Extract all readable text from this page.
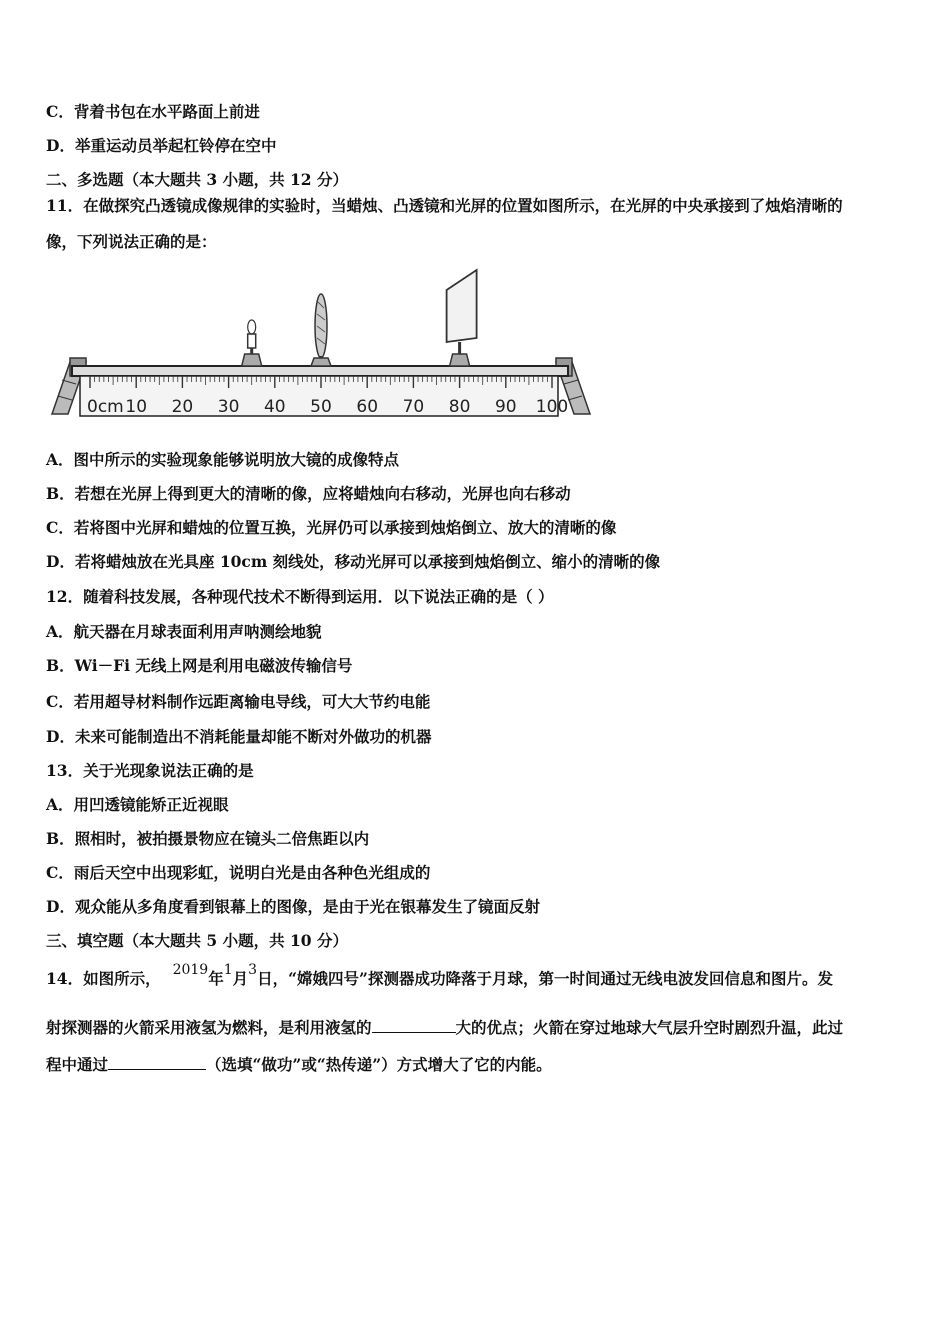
C．背着书包在水平路面上前进
D．举重运动员举起杠铃停在空中
二、多选题（本大题共 3 小题，共 12 分）
11．在做探究凸透镜成像规律的实验时，当蜡烛、凸透镜和光屏的位置如图所示，在光屏的中央承接到了烛焰清晰的
像，下列说法正确的是：
0cm 10 20 30 40 50 60 70 80 90 100
A．图中所示的实验现象能够说明放大镜的成像特点
B．若想在光屏上得到更大的清晰的像，应将蜡烛向右移动，光屏也向右移动
C．若将图中光屏和蜡烛的位置互换，光屏仍可以承接到烛焰倒立、放大的清晰的像
D．若将蜡烛放在光具座 10cm 刻线处，移动光屏可以承接到烛焰倒立、缩小的清晰的像
12．随着科技发展，各种现代技术不断得到运用．以下说法正确的是（ ）
A．航天器在月球表面利用声呐测绘地貌
B．Wi－Fi 无线上网是利用电磁波传输信号
C．若用超导材料制作远距离输电导线，可大大节约电能
D．未来可能制造出不消耗能量却能不断对外做功的机器
13．关于光现象说法正确的是
A．用凹透镜能矫正近视眼
B．照相时，被拍摄景物应在镜头二倍焦距以内
C．雨后天空中出现彩虹，说明白光是由各种色光组成的
D．观众能从多角度看到银幕上的图像，是由于光在银幕发生了镜面反射
三、填空题（本大题共 5 小题，共 10 分）
14．如图所示， 2019年1月3日，“嫦娥四号”探测器成功降落于月球，第一时间通过无线电波发回信息和图片。发
射探测器的火箭采用液氢为燃料，是利用液氢的	大的优点；火箭在穿过地球大气层升空时剧烈升温，此过
程中通过	（选填“做功”或“热传递”）方式增大了它的内能。
